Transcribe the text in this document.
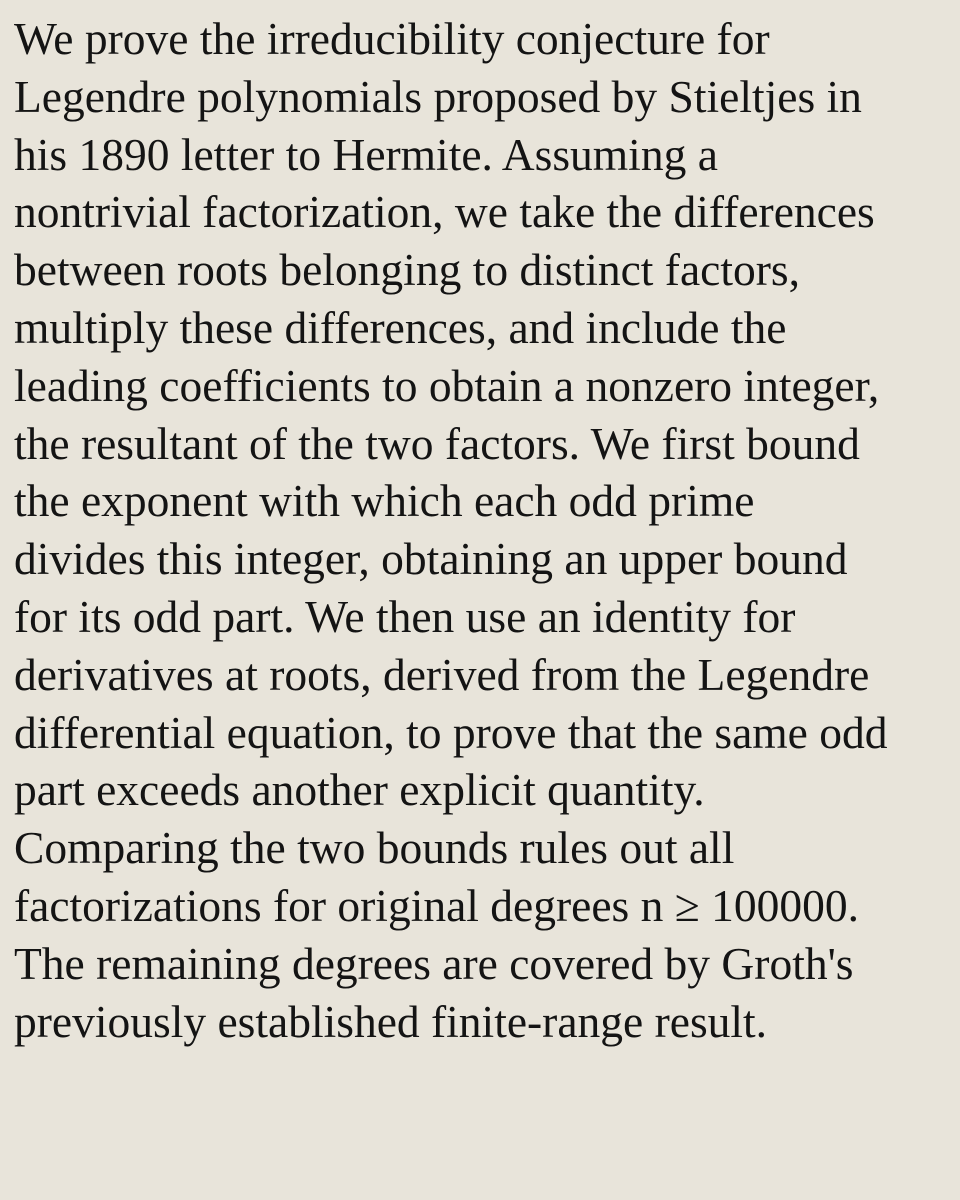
We prove the irreducibility conjecture for
Legendre polynomials proposed by Stieltjes in
his 1890 letter to Hermite. Assuming a
nontrivial factorization, we take the differences
between roots belonging to distinct factors,
multiply these differences, and include the
leading coefficients to obtain a nonzero integer,
the resultant of the two factors. We first bound
the exponent with which each odd prime
divides this integer, obtaining an upper bound
for its odd part. We then use an identity for
derivatives at roots, derived from the Legendre
differential equation, to prove that the same odd
part exceeds another explicit quantity.
Comparing the two bounds rules out all
factorizations for original degrees n ≥ 100000.
The remaining degrees are covered by Groth's
previously established finite-range result.
